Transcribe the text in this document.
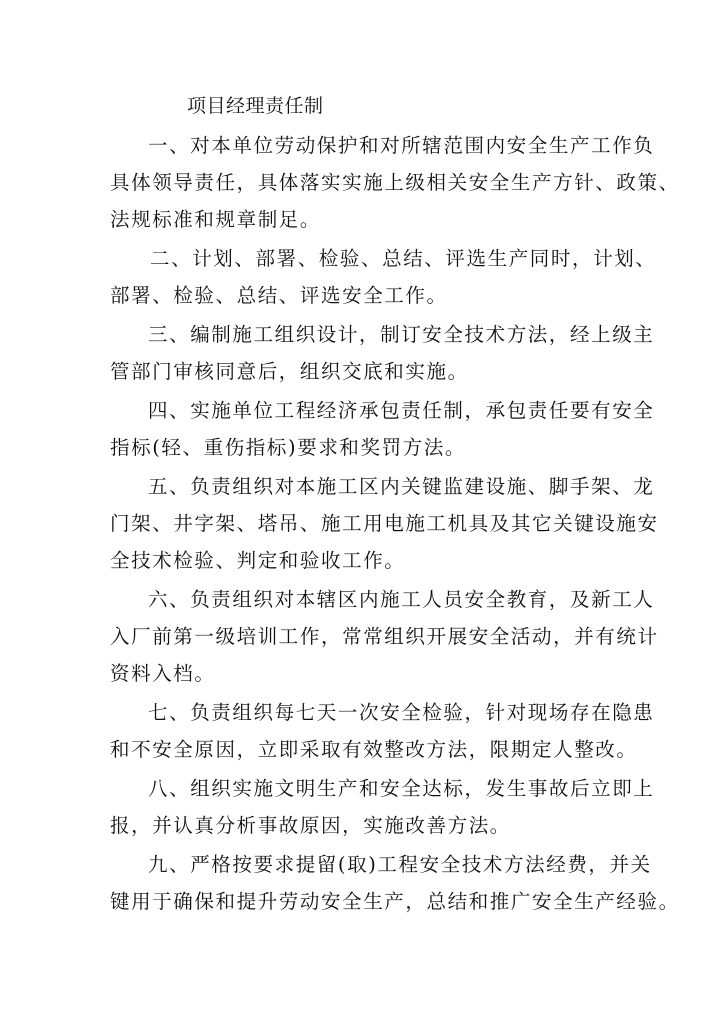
项目经理责任制
一、对本单位劳动保护和对所辖范围内安全生产工作负
具体领导责任，具体落实实施上级相关安全生产方针、政策、
法规标准和规章制足。
二、计划、部署、检验、总结、评选生产同时，计划、
部署、检验、总结、评选安全工作。
三、编制施工组织设计，制订安全技术方法，经上级主
管部门审核同意后，组织交底和实施。
四、实施单位工程经济承包责任制，承包责任要有安全
指标(轻、重伤指标)要求和奖罚方法。
五、负责组织对本施工区内关键监建设施、脚手架、龙
门架、井字架、塔吊、施工用电施工机具及其它关键设施安
全技术检验、判定和验收工作。
六、负责组织对本辖区内施工人员安全教育，及新工人
入厂前第一级培训工作，常常组织开展安全活动，并有统计
资料入档。
七、负责组织每七天一次安全检验，针对现场存在隐患
和不安全原因，立即采取有效整改方法，限期定人整改。
八、组织实施文明生产和安全达标，发生事故后立即上
报，并认真分析事故原因，实施改善方法。
九、严格按要求提留(取)工程安全技术方法经费，并关
键用于确保和提升劳动安全生产，总结和推广安全生产经验。
